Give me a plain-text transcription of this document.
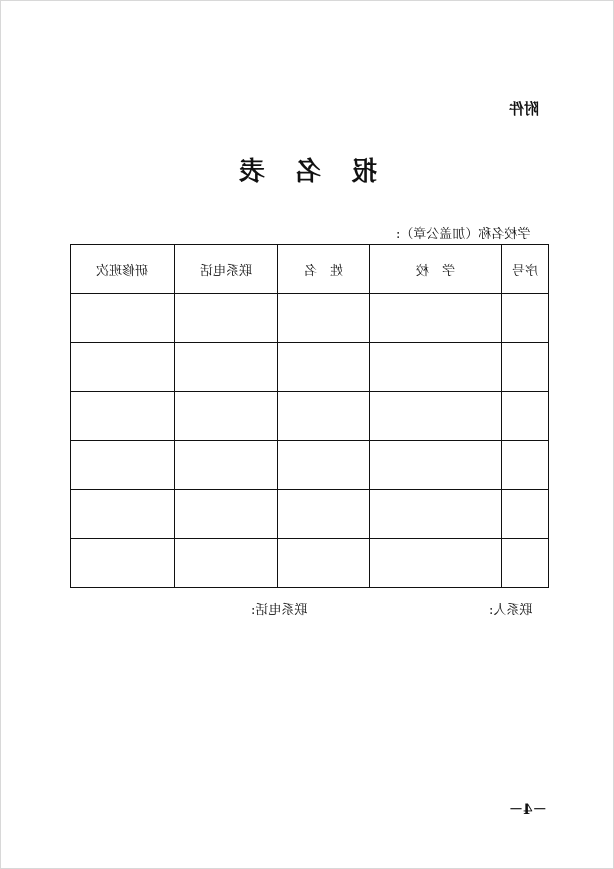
附件
报名表
学校名称（加盖公章）:
研修班次	联系电话	姓　名	学　校	序号

联系电话:	联系人:
－4－
